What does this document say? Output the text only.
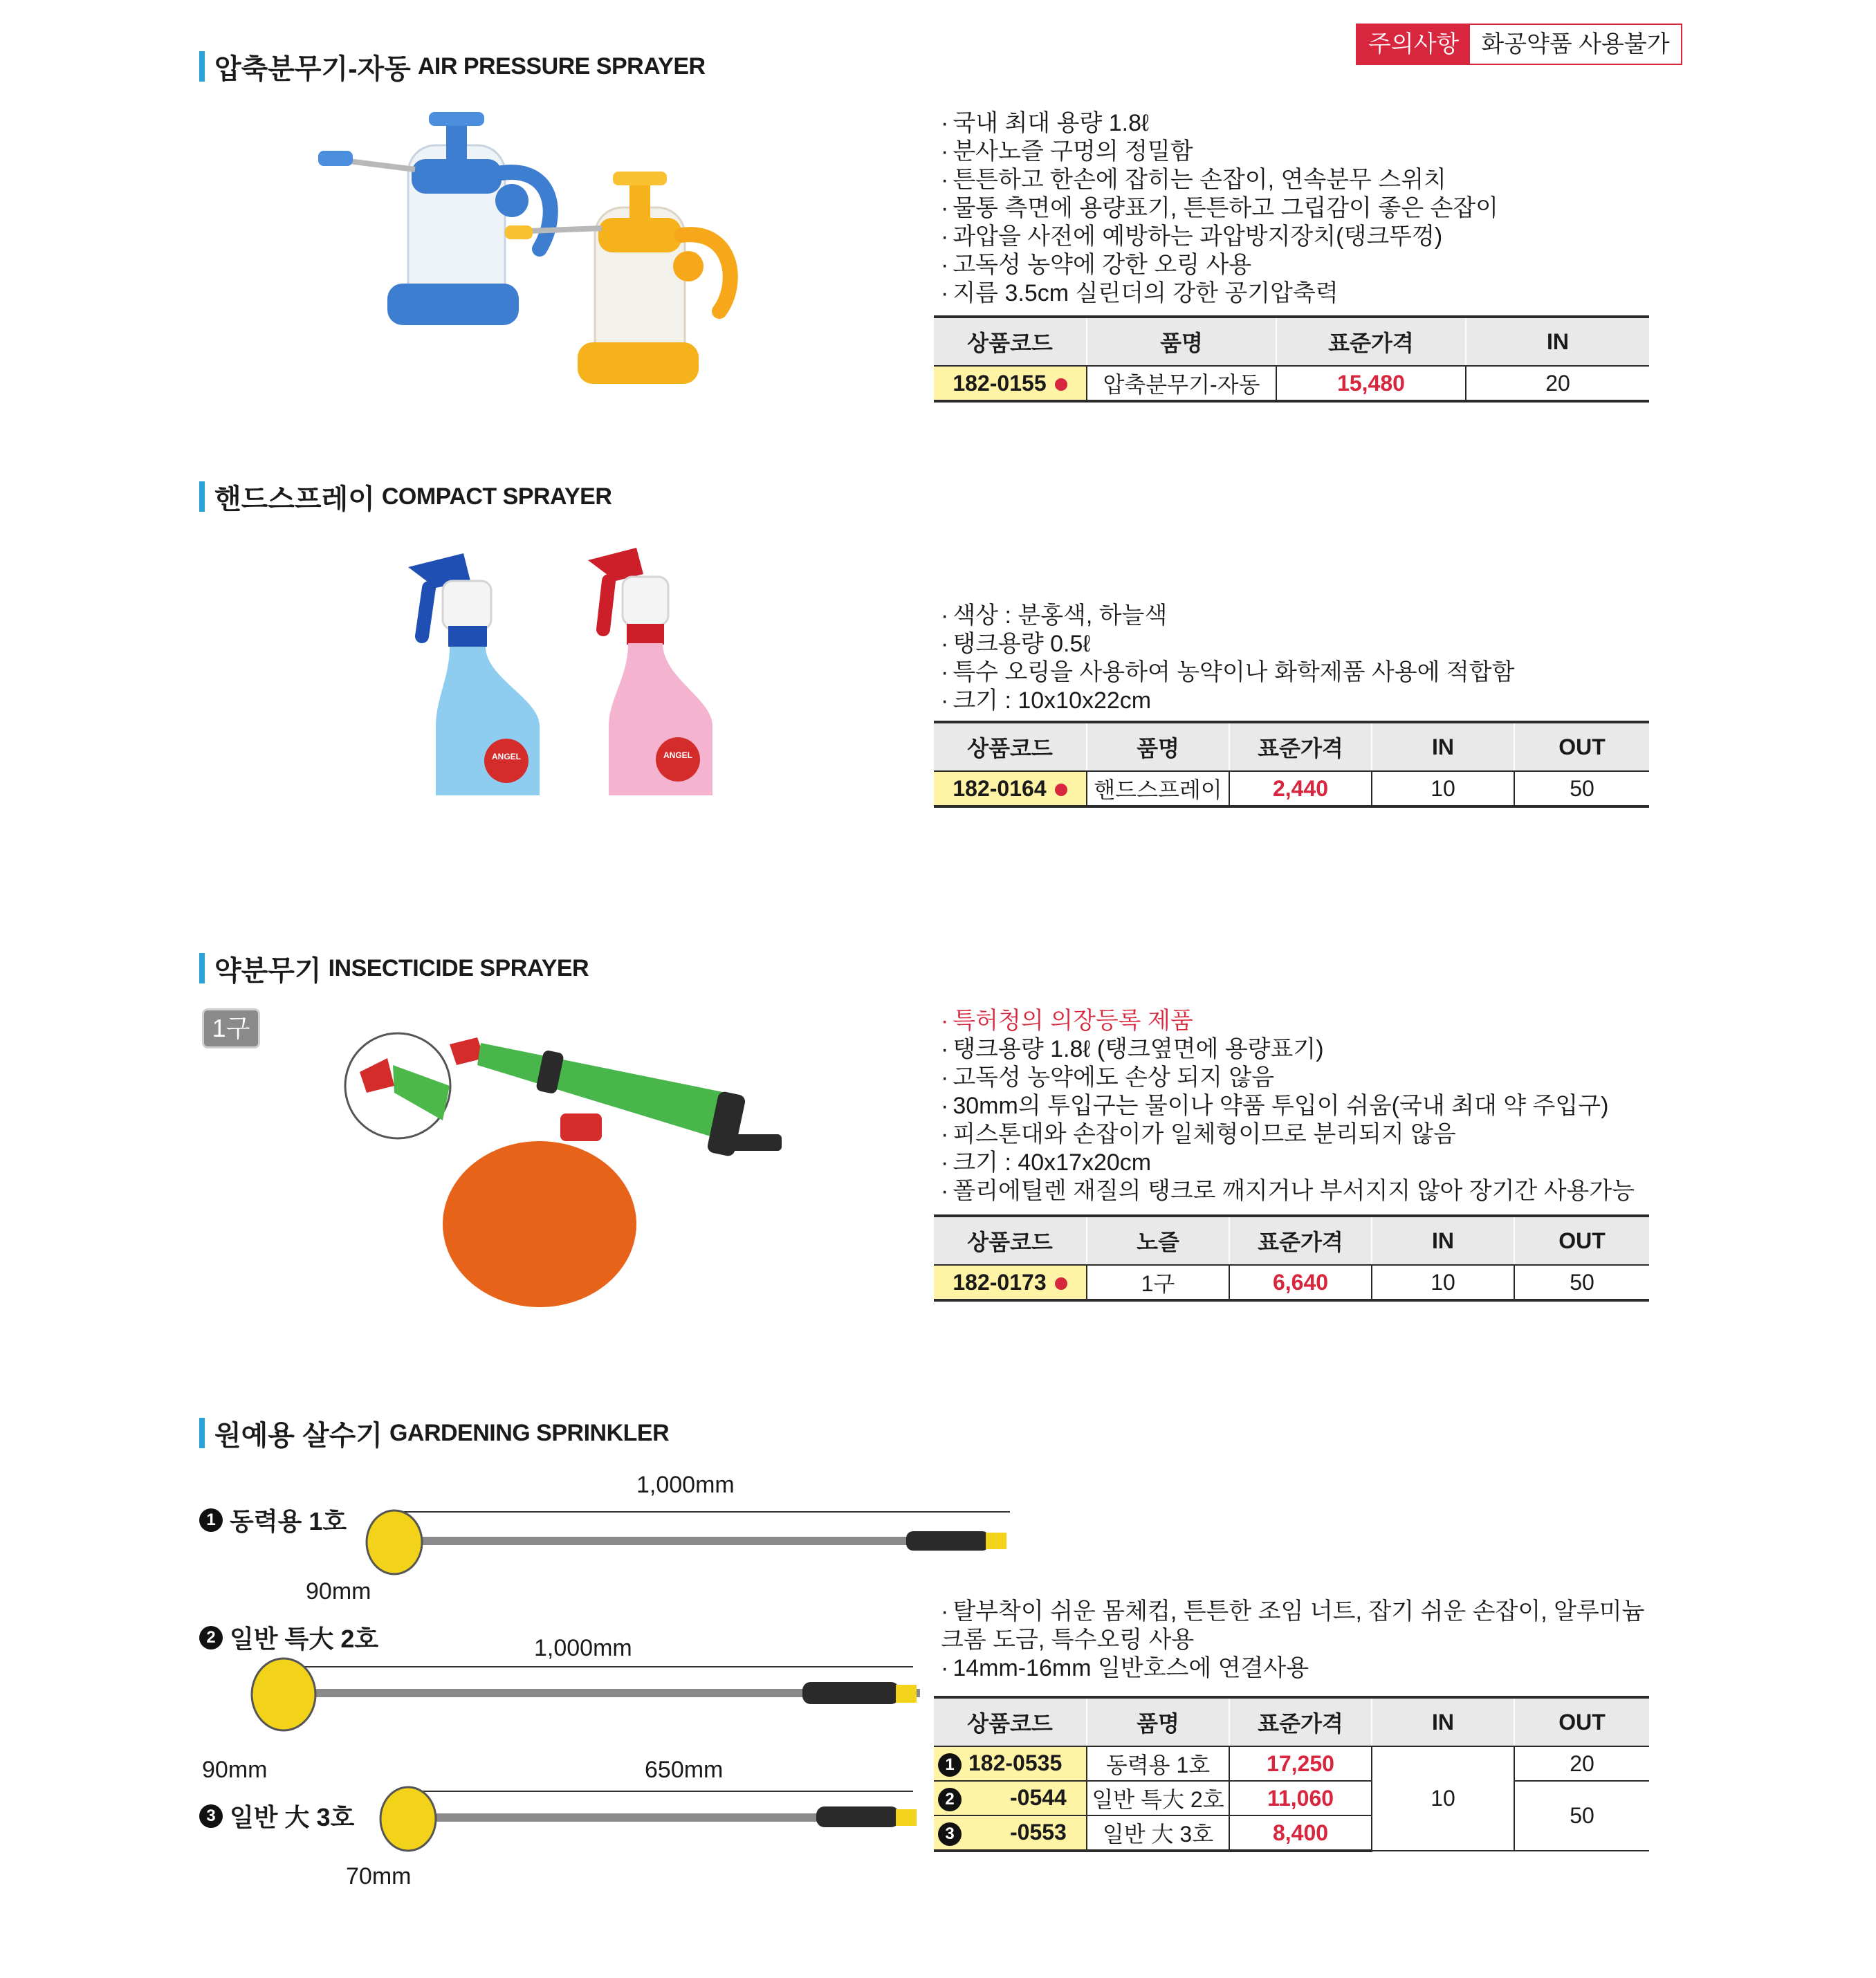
주의사항 화공약품 사용불가
압축분무기-자동 AIR PRESSURE SPRAYER
· 국내 최대 용량 1.8ℓ
· 분사노즐 구멍의 정밀함
· 튼튼하고 한손에 잡히는 손잡이, 연속분무 스위치
· 물통 측면에 용량표기, 튼튼하고 그립감이 좋은 손잡이
· 과압을 사전에 예방하는 과압방지장치(탱크뚜껑)
· 고독성 농약에 강한 오링 사용
· 지름 3.5cm 실린더의 강한 공기압축력
상품코드	품명	표준가격	IN
182-0155	압축분무기-자동	15,480	20
핸드스프레이 COMPACT SPRAYER
ANGEL	ANGEL
· 색상 : 분홍색, 하늘색
· 탱크용량 0.5ℓ
· 특수 오링을 사용하여 농약이나 화학제품 사용에 적합함
· 크기 : 10x10x22cm
상품코드	품명	표준가격	IN	OUT
182-0164	핸드스프레이	2,440	10	50
약분무기 INSECTICIDE SPRAYER
1구	· 특허청의 의장등록 제품
· 탱크용량 1.8ℓ (탱크옆면에 용량표기)
· 고독성 농약에도 손상 되지 않음
· 30mm의 투입구는 물이나 약품 투입이 쉬움(국내 최대 약 주입구)
· 피스톤대와 손잡이가 일체형이므로 분리되지 않음
· 크기 : 40x17x20cm
· 폴리에틸렌 재질의 탱크로 깨지거나 부서지지 않아 장기간 사용가능
상품코드	노즐	표준가격	IN	OUT
182-0173	1구	6,640	10	50
원예용 살수기 GARDENING SPRINKLER
1 동력용 1호
2 일반 특大 2호
3 일반 大 3호
1,000mm
90mm
1,000mm
90mm	650mm
70mm
· 탈부착이 쉬운 몸체컵, 튼튼한 조임 너트, 잡기 쉬운 손잡이, 알루미늄크롬 도금, 특수오링 사용
· 14mm-16mm 일반호스에 연결사용
상품코드	품명	표준가격	IN	OUT
1 182-0535	동력용 1호	17,250	10	20
2 -0544	일반 특大 2호	11,060		50
3 -0553	일반 大 3호	8,400		
